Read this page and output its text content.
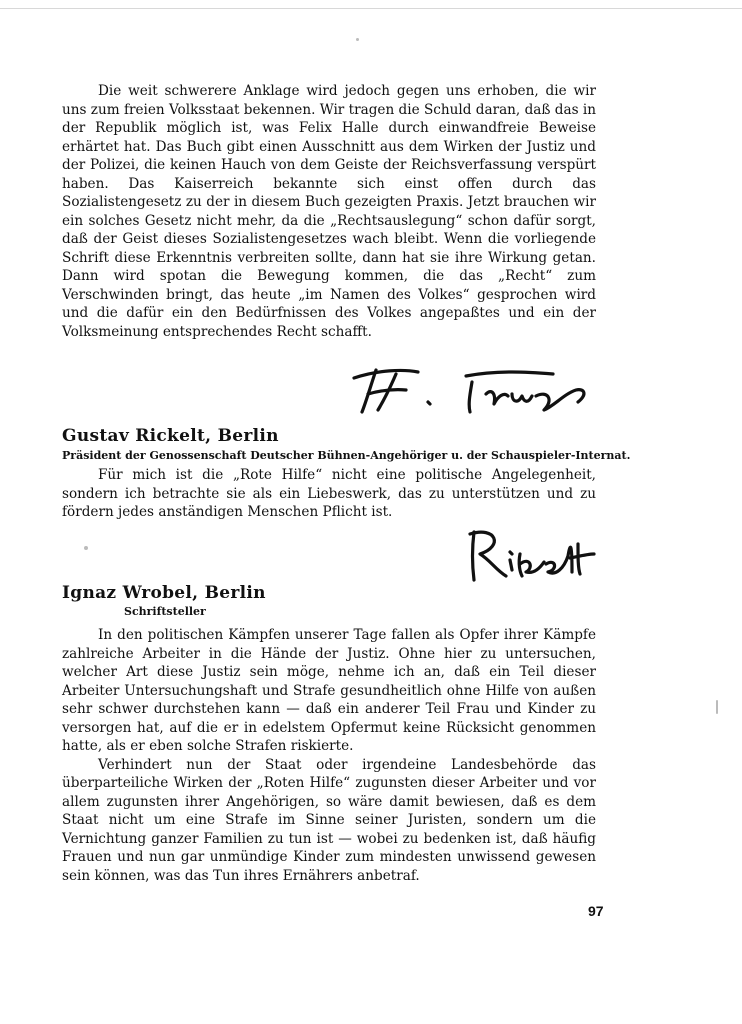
Die weit schwerere Anklage wird jedoch gegen uns erhoben, die wir uns zum freien Volksstaat bekennen. Wir tragen die Schuld daran, daß das in der Republik möglich ist, was Felix Halle durch einwandfreie Beweise erhärtet hat. Das Buch gibt einen Ausschnitt aus dem Wirken der Justiz und der Polizei, die keinen Hauch von dem Geiste der Reichsverfassung verspürt haben. Das Kaiserreich bekannte sich einst offen durch das Sozialistengesetz zu der in diesem Buch gezeigten Praxis. Jetzt brauchen wir ein solches Gesetz nicht mehr, da die „Rechtsauslegung“ schon dafür sorgt, daß der Geist dieses Sozialistengesetzes wach bleibt. Wenn die vorliegende Schrift diese Erkenntnis verbreiten sollte, dann hat sie ihre Wirkung getan. Dann wird spotan die Bewegung kommen, die das „Recht“ zum Verschwinden bringt, das heute „im Namen des Volkes“ gesprochen wird und die dafür ein den Bedürfnissen des Volkes angepaßtes und ein der Volksmeinung entsprechendes Recht schafft.

Gustav Rickelt, Berlin
Präsident der Genossenschaft Deutscher Bühnen-Angehöriger u. der Schauspieler-Internat.

Für mich ist die „Rote Hilfe“ nicht eine politische Angelegenheit, sondern ich betrachte sie als ein Liebeswerk, das zu unterstützen und zu fördern jedes anständigen Menschen Pflicht ist.

Ignaz Wrobel, Berlin
Schriftsteller

In den politischen Kämpfen unserer Tage fallen als Opfer ihrer Kämpfe zahlreiche Arbeiter in die Hände der Justiz. Ohne hier zu untersuchen, welcher Art diese Justiz sein möge, nehme ich an, daß ein Teil dieser Arbeiter Untersuchungshaft und Strafe gesundheitlich ohne Hilfe von außen sehr schwer durchstehen kann — daß ein anderer Teil Frau und Kinder zu versorgen hat, auf die er in edelstem Opfermut keine Rücksicht genommen hatte, als er eben solche Strafen riskierte.

Verhindert nun der Staat oder irgendeine Landesbehörde das überparteiliche Wirken der „Roten Hilfe“ zugunsten dieser Arbeiter und vor allem zugunsten ihrer Angehörigen, so wäre damit bewiesen, daß es dem Staat nicht um eine Strafe im Sinne seiner Juristen, sondern um die Vernichtung ganzer Familien zu tun ist — wobei zu bedenken ist, daß häufig Frauen und nun gar unmündige Kinder zum mindesten unwissend gewesen sein können, was das Tun ihres Ernährers anbetraf.

97
